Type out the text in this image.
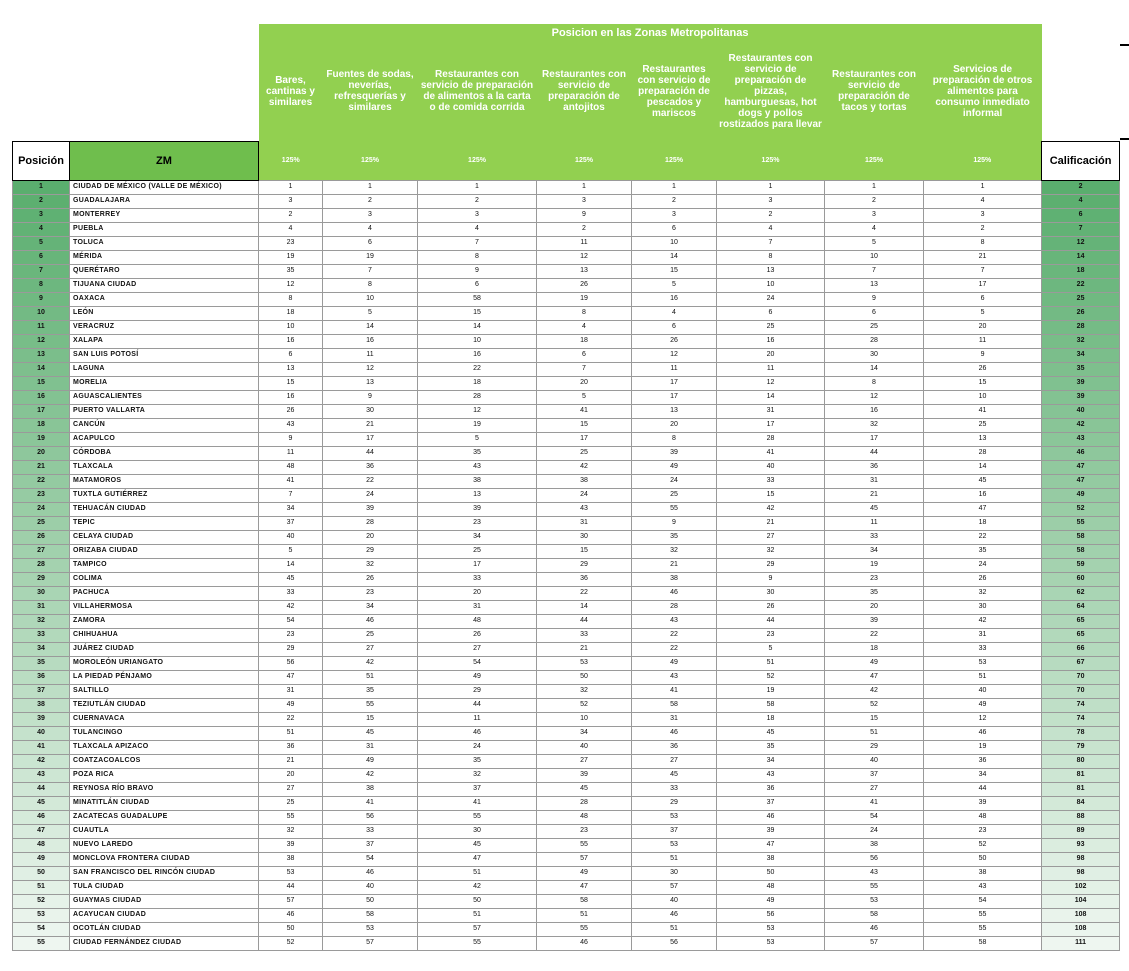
		Posicion en las Zonas Metropolitanas								
		Bares, cantinas y similares	Fuentes de sodas, neverías, refresquerías y similares	Restaurantes con servicio de preparación de alimentos a la carta o de comida corrida	Restaurantes con servicio de preparación de antojitos	Restaurantes con servicio de preparación de pescados y mariscos	Restaurantes con servicio de preparación de pizzas, hamburguesas, hot dogs y pollos rostizados para llevar	Restaurantes con servicio de preparación de tacos y tortas	Servicios de preparación de otros alimentos para consumo inmediato informal	
Posición	ZM	125%	125%	125%	125%	125%	125%	125%	125%	Calificación
1	CIUDAD DE MÉXICO (VALLE DE MÉXICO)	1	1	1	1	1	1	1	1	2
2	GUADALAJARA	3	2	2	3	2	3	2	4	4
3	MONTERREY	2	3	3	9	3	2	3	3	6
4	PUEBLA	4	4	4	2	6	4	4	2	7
5	TOLUCA	23	6	7	11	10	7	5	8	12
6	MÉRIDA	19	19	8	12	14	8	10	21	14
7	QUERÉTARO	35	7	9	13	15	13	7	7	18
8	TIJUANA CIUDAD	12	8	6	26	5	10	13	17	22
9	OAXACA	8	10	58	19	16	24	9	6	25
10	LEÓN	18	5	15	8	4	6	6	5	26
11	VERACRUZ	10	14	14	4	6	25	25	20	28
12	XALAPA	16	16	10	18	26	16	28	11	32
13	SAN LUIS POTOSÍ	6	11	16	6	12	20	30	9	34
14	LAGUNA	13	12	22	7	11	11	14	26	35
15	MORELIA	15	13	18	20	17	12	8	15	39
16	AGUASCALIENTES	16	9	28	5	17	14	12	10	39
17	PUERTO VALLARTA	26	30	12	41	13	31	16	41	40
18	CANCÚN	43	21	19	15	20	17	32	25	42
19	ACAPULCO	9	17	5	17	8	28	17	13	43
20	CÓRDOBA	11	44	35	25	39	41	44	28	46
21	TLAXCALA	48	36	43	42	49	40	36	14	47
22	MATAMOROS	41	22	38	38	24	33	31	45	47
23	TUXTLA GUTIÉRREZ	7	24	13	24	25	15	21	16	49
24	TEHUACÁN CIUDAD	34	39	39	43	55	42	45	47	52
25	TEPIC	37	28	23	31	9	21	11	18	55
26	CELAYA CIUDAD	40	20	34	30	35	27	33	22	58
27	ORIZABA CIUDAD	5	29	25	15	32	32	34	35	58
28	TAMPICO	14	32	17	29	21	29	19	24	59
29	COLIMA	45	26	33	36	38	9	23	26	60
30	PACHUCA	33	23	20	22	46	30	35	32	62
31	VILLAHERMOSA	42	34	31	14	28	26	20	30	64
32	ZAMORA	54	46	48	44	43	44	39	42	65
33	CHIHUAHUA	23	25	26	33	22	23	22	31	65
34	JUÁREZ CIUDAD	29	27	27	21	22	5	18	33	66
35	MOROLEÓN URIANGATO	56	42	54	53	49	51	49	53	67
36	LA PIEDAD PÉNJAMO	47	51	49	50	43	52	47	51	70
37	SALTILLO	31	35	29	32	41	19	42	40	70
38	TEZIUTLÁN CIUDAD	49	55	44	52	58	58	52	49	74
39	CUERNAVACA	22	15	11	10	31	18	15	12	74
40	TULANCINGO	51	45	46	34	46	45	51	46	78
41	TLAXCALA APIZACO	36	31	24	40	36	35	29	19	79
42	COATZACOALCOS	21	49	35	27	27	34	40	36	80
43	POZA RICA	20	42	32	39	45	43	37	34	81
44	REYNOSA RÍO BRAVO	27	38	37	45	33	36	27	44	81
45	MINATITLÁN CIUDAD	25	41	41	28	29	37	41	39	84
46	ZACATECAS GUADALUPE	55	56	55	48	53	46	54	48	88
47	CUAUTLA	32	33	30	23	37	39	24	23	89
48	NUEVO LAREDO	39	37	45	55	53	47	38	52	93
49	MONCLOVA FRONTERA CIUDAD	38	54	47	57	51	38	56	50	98
50	SAN FRANCISCO DEL RINCÓN CIUDAD	53	46	51	49	30	50	43	38	98
51	TULA CIUDAD	44	40	42	47	57	48	55	43	102
52	GUAYMAS CIUDAD	57	50	50	58	40	49	53	54	104
53	ACAYUCAN CIUDAD	46	58	51	51	46	56	58	55	108
54	OCOTLÁN CIUDAD	50	53	57	55	51	53	46	55	108
55	CIUDAD FERNÁNDEZ CIUDAD	52	57	55	46	56	53	57	58	111
